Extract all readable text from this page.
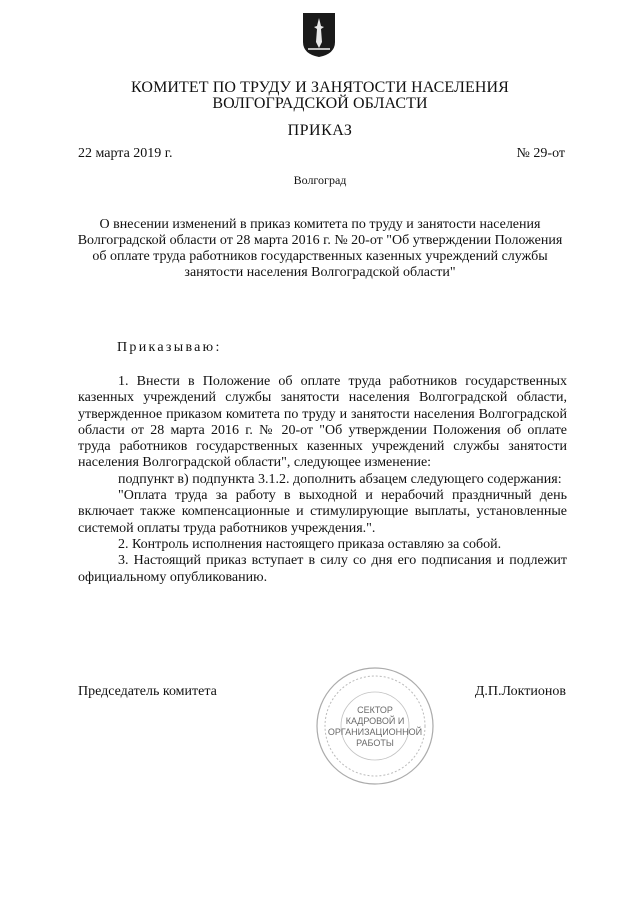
КОМИТЕТ ПО ТРУДУ И ЗАНЯТОСТИ НАСЕЛЕНИЯ
ВОЛГОГРАДСКОЙ ОБЛАСТИ
ПРИКАЗ
22 марта 2019 г.	№ 29-от
Волгоград
О внесении изменений в приказ комитета по труду и занятости населения Волгоградской области от 28 марта 2016 г. № 20-от "Об утверждении Положения об оплате труда работников государственных казенных учреждений службы занятости населения Волгоградской области"
Приказываю:

1. Внести в Положение об оплате труда работников государственных казенных учреждений службы занятости населения Волгоградской области, утвержденное приказом комитета по труду и занятости населения Волгоградской области от 28 марта 2016 г. № 20-от "Об утверждении Положения об оплате труда работников государственных казенных учреждений службы занятости населения Волгоградской области", следующее изменение:

подпункт в) подпункта 3.1.2. дополнить абзацем следующего содержания:

"Оплата труда за работу в выходной и нерабочий праздничный день включает также компенсационные и стимулирующие выплаты, установленные системой оплаты труда работников учреждения.".

2. Контроль исполнения настоящего приказа оставляю за собой.

3. Настоящий приказ вступает в силу со дня его подписания и подлежит официальному опубликованию.

Председатель комитета	Д.П.Локтионов
СЕКТОР
КАДРОВОЙ И
ОРГАНИЗАЦИОННОЙ
РАБОТЫ
